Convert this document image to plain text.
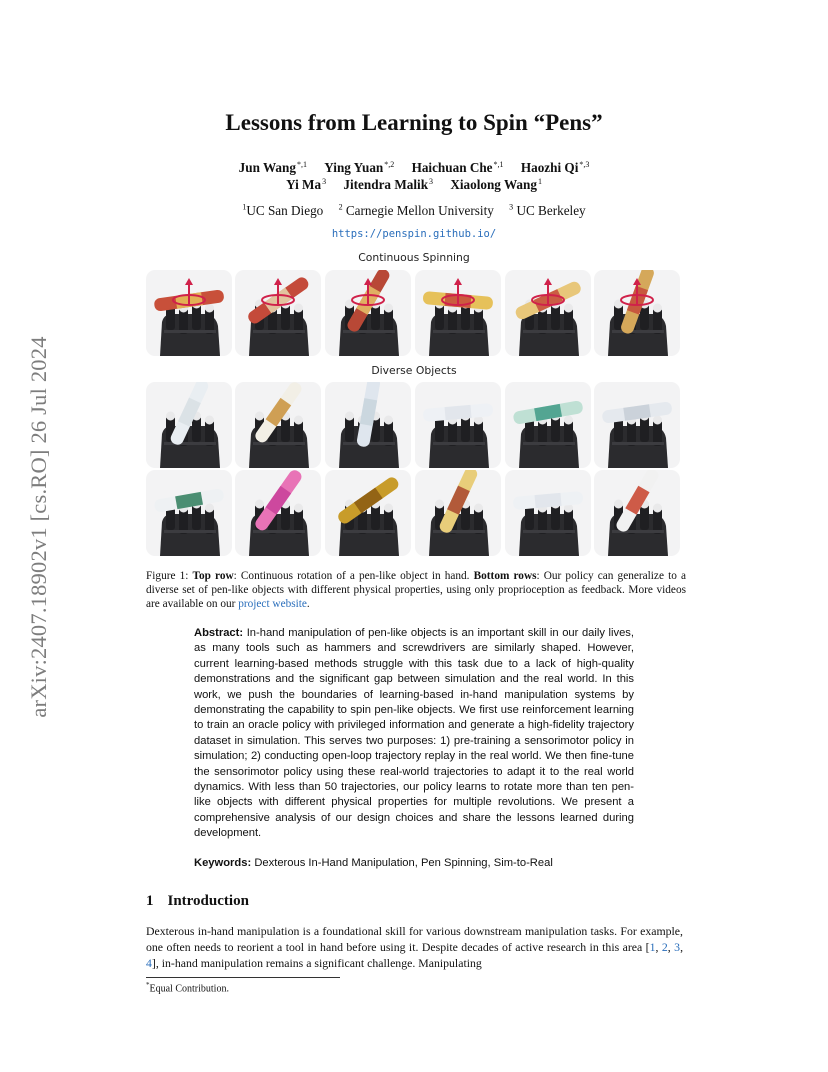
arXiv:2407.18902v1 [cs.RO] 26 Jul 2024
Lessons from Learning to Spin “Pens”
Jun Wang$^{*,1}$ Ying Yuan$^{*,2}$ Haichuan Che$^{*,1}$ Haozhi $Qi^{*,3}$
Yi Ma$^3$ Jitendra Malik$^3$ Xiaolong Wang$^1$
$^1$UC San Diego $^2$ Carnegie Mellon University $^3$ UC Berkeley
https://penspin.github.io/
Continuous Spinning
Diverse Objects
Figure 1: Top row: Continuous rotation of a pen-like object in hand. Bottom rows: Our policy can generalize to a diverse set of pen-like objects with different physical properties, using only proprioception as feedback. More videos are available on our project website.
Abstract: In-hand manipulation of pen-like objects is an important skill in our daily lives, as many tools such as hammers and screwdrivers are similarly shaped. However, current learning-based methods struggle with this task due to a lack of high-quality demonstrations and the significant gap between simulation and the real world. In this work, we push the boundaries of learning-based in-hand manipulation systems by demonstrating the capability to spin pen-like objects. We first use reinforcement learning to train an oracle policy with privileged information and generate a high-fidelity trajectory dataset in simulation. This serves two purposes: 1) pre-training a sensorimotor policy in simulation; 2) conducting open-loop trajectory replay in the real world. We then fine-tune the sensorimotor policy using these real-world trajectories to adapt it to the real world dynamics. With less than 50 trajectories, our policy learns to rotate more than ten pen-like objects with different physical properties for multiple revolutions. We present a comprehensive analysis of our design choices and share the lessons learned during development.
Keywords: Dexterous In-Hand Manipulation, Pen Spinning, Sim-to-Real
1 Introduction
Dexterous in-hand manipulation is a foundational skill for various downstream manipulation tasks. For example, one often needs to reorient a tool in hand before using it. Despite decades of active research in this area [1, 2, 3, 4], in-hand manipulation remains a significant challenge. Manipulating
*Equal Contribution.
